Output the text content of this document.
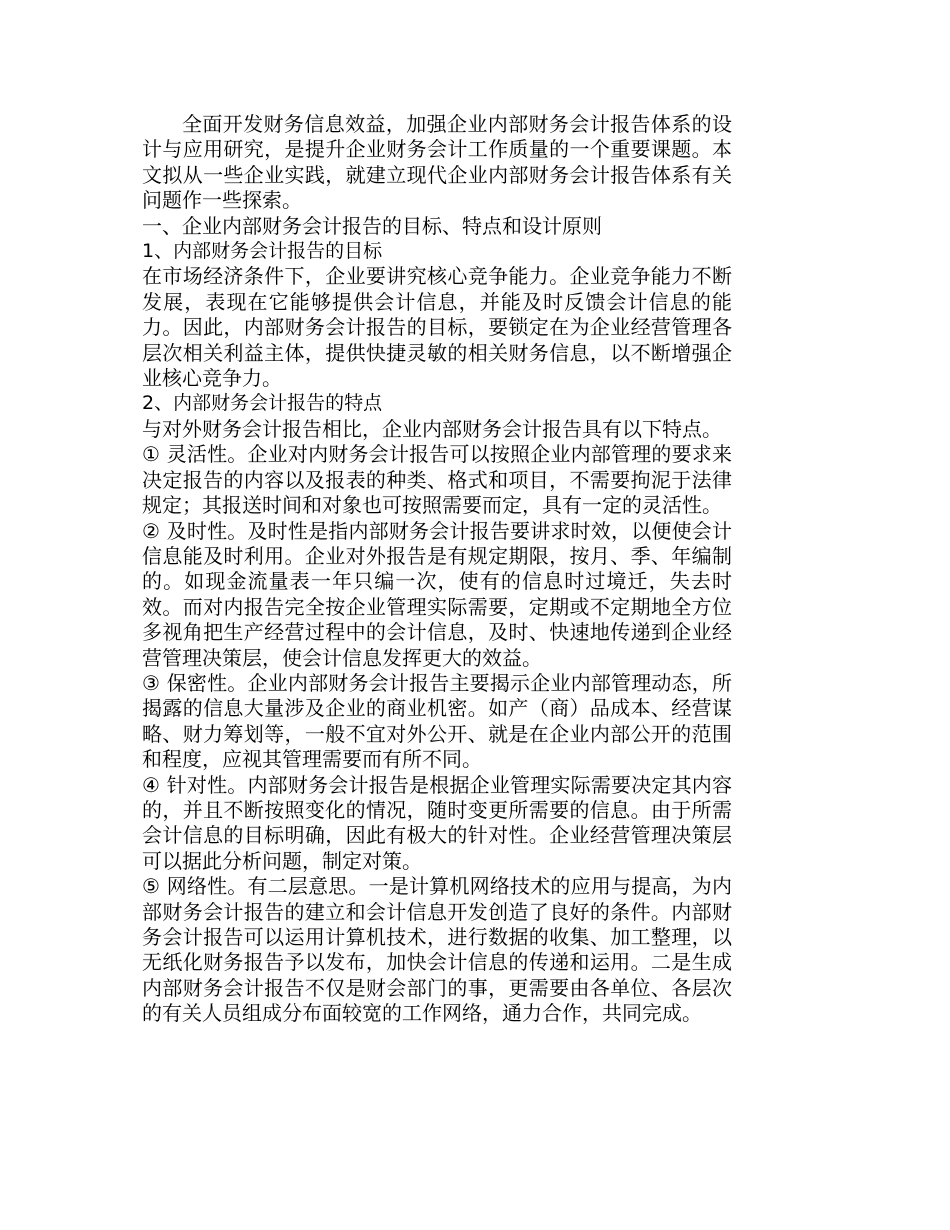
全面开发财务信息效益，加强企业内部财务会计报告体系的设计与应用研究，是提升企业财务会计工作质量的一个重要课题。本文拟从一些企业实践，就建立现代企业内部财务会计报告体系有关问题作一些探索。

一、企业内部财务会计报告的目标、特点和设计原则

1、内部财务会计报告的目标

在市场经济条件下，企业要讲究核心竞争能力。企业竞争能力不断发展，表现在它能够提供会计信息，并能及时反馈会计信息的能力。因此，内部财务会计报告的目标，要锁定在为企业经营管理各层次相关利益主体，提供快捷灵敏的相关财务信息，以不断增强企业核心竞争力。

2、内部财务会计报告的特点

与对外财务会计报告相比，企业内部财务会计报告具有以下特点。

① 灵活性。企业对内财务会计报告可以按照企业内部管理的要求来决定报告的内容以及报表的种类、格式和项目，不需要拘泥于法律规定；其报送时间和对象也可按照需要而定，具有一定的灵活性。

② 及时性。及时性是指内部财务会计报告要讲求时效，以便使会计信息能及时利用。企业对外报告是有规定期限，按月、季、年编制的。如现金流量表一年只编一次，使有的信息时过境迁，失去时效。而对内报告完全按企业管理实际需要，定期或不定期地全方位多视角把生产经营过程中的会计信息，及时、快速地传递到企业经营管理决策层，使会计信息发挥更大的效益。

③ 保密性。企业内部财务会计报告主要揭示企业内部管理动态，所揭露的信息大量涉及企业的商业机密。如产（商）品成本、经营谋略、财力筹划等，一般不宜对外公开、就是在企业内部公开的范围和程度，应视其管理需要而有所不同。

④ 针对性。内部财务会计报告是根据企业管理实际需要决定其内容的，并且不断按照变化的情况，随时变更所需要的信息。由于所需会计信息的目标明确，因此有极大的针对性。企业经营管理决策层可以据此分析问题，制定对策。

⑤ 网络性。有二层意思。一是计算机网络技术的应用与提高，为内部财务会计报告的建立和会计信息开发创造了良好的条件。内部财务会计报告可以运用计算机技术，进行数据的收集、加工整理，以无纸化财务报告予以发布，加快会计信息的传递和运用。二是生成内部财务会计报告不仅是财会部门的事，更需要由各单位、各层次的有关人员组成分布面较宽的工作网络，通力合作，共同完成。
